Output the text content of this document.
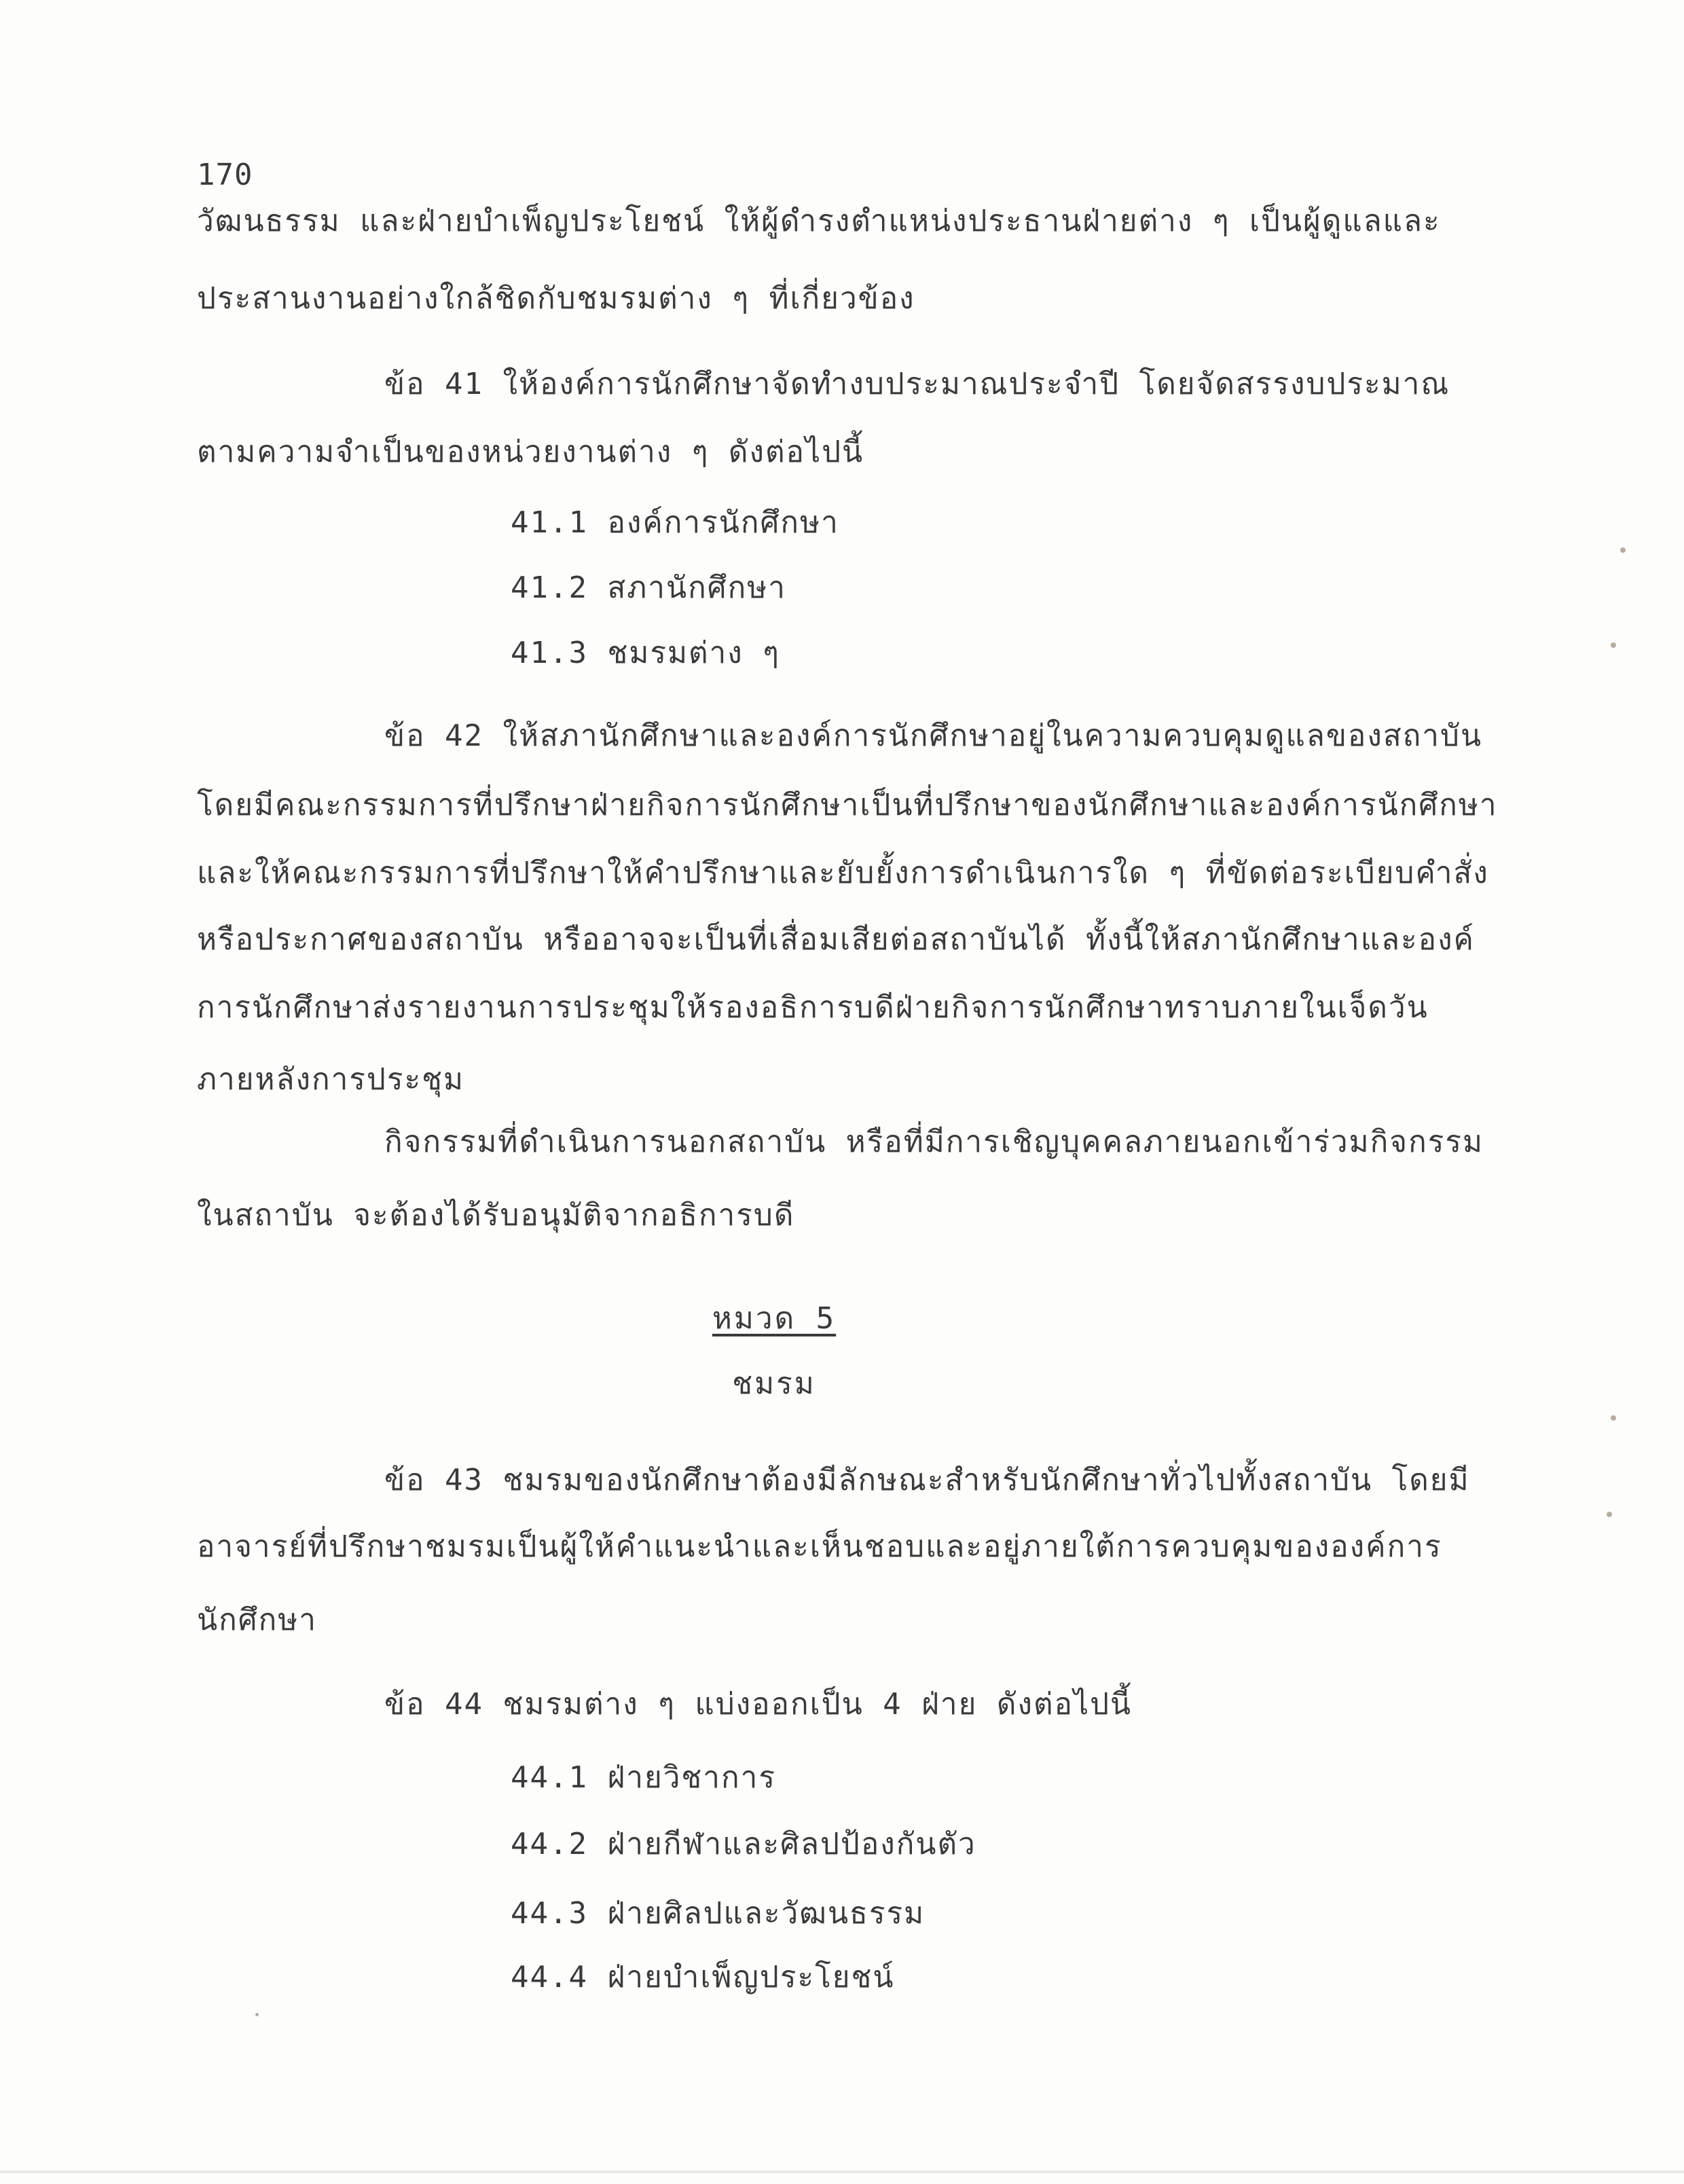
170
วัฒนธรรม และฝ่ายบำเพ็ญประโยชน์ ให้ผู้ดำรงตำแหน่งประธานฝ่ายต่าง ๆ เป็นผู้ดูแลและ
ประสานงานอย่างใกล้ชิดกับชมรมต่าง ๆ ที่เกี่ยวข้อง
ข้อ 41 ให้องค์การนักศึกษาจัดทำงบประมาณประจำปี โดยจัดสรรงบประมาณ
ตามความจำเป็นของหน่วยงานต่าง ๆ ดังต่อไปนี้
41.1 องค์การนักศึกษา
41.2 สภานักศึกษา
41.3 ชมรมต่าง ๆ
ข้อ 42 ให้สภานักศึกษาและองค์การนักศึกษาอยู่ในความควบคุมดูแลของสถาบัน
โดยมีคณะกรรมการที่ปรึกษาฝ่ายกิจการนักศึกษาเป็นที่ปรึกษาของนักศึกษาและองค์การนักศึกษา
และให้คณะกรรมการที่ปรึกษาให้คำปรึกษาและยับยั้งการดำเนินการใด ๆ ที่ขัดต่อระเบียบคำสั่ง
หรือประกาศของสถาบัน หรืออาจจะเป็นที่เสื่อมเสียต่อสถาบันได้ ทั้งนี้ให้สภานักศึกษาและองค์
การนักศึกษาส่งรายงานการประชุมให้รองอธิการบดีฝ่ายกิจการนักศึกษาทราบภายในเจ็ดวัน
ภายหลังการประชุม
กิจกรรมที่ดำเนินการนอกสถาบัน หรือที่มีการเชิญบุคคลภายนอกเข้าร่วมกิจกรรม
ในสถาบัน จะต้องได้รับอนุมัติจากอธิการบดี
หมวด 5
ชมรม
ข้อ 43 ชมรมของนักศึกษาต้องมีลักษณะสำหรับนักศึกษาทั่วไปทั้งสถาบัน โดยมี
อาจารย์ที่ปรึกษาชมรมเป็นผู้ให้คำแนะนำและเห็นชอบและอยู่ภายใต้การควบคุมขององค์การ
นักศึกษา
ข้อ 44 ชมรมต่าง ๆ แบ่งออกเป็น 4 ฝ่าย ดังต่อไปนี้
44.1 ฝ่ายวิชาการ
44.2 ฝ่ายกีฬาและศิลปป้องกันตัว
44.3 ฝ่ายศิลปและวัฒนธรรม
44.4 ฝ่ายบำเพ็ญประโยชน์
